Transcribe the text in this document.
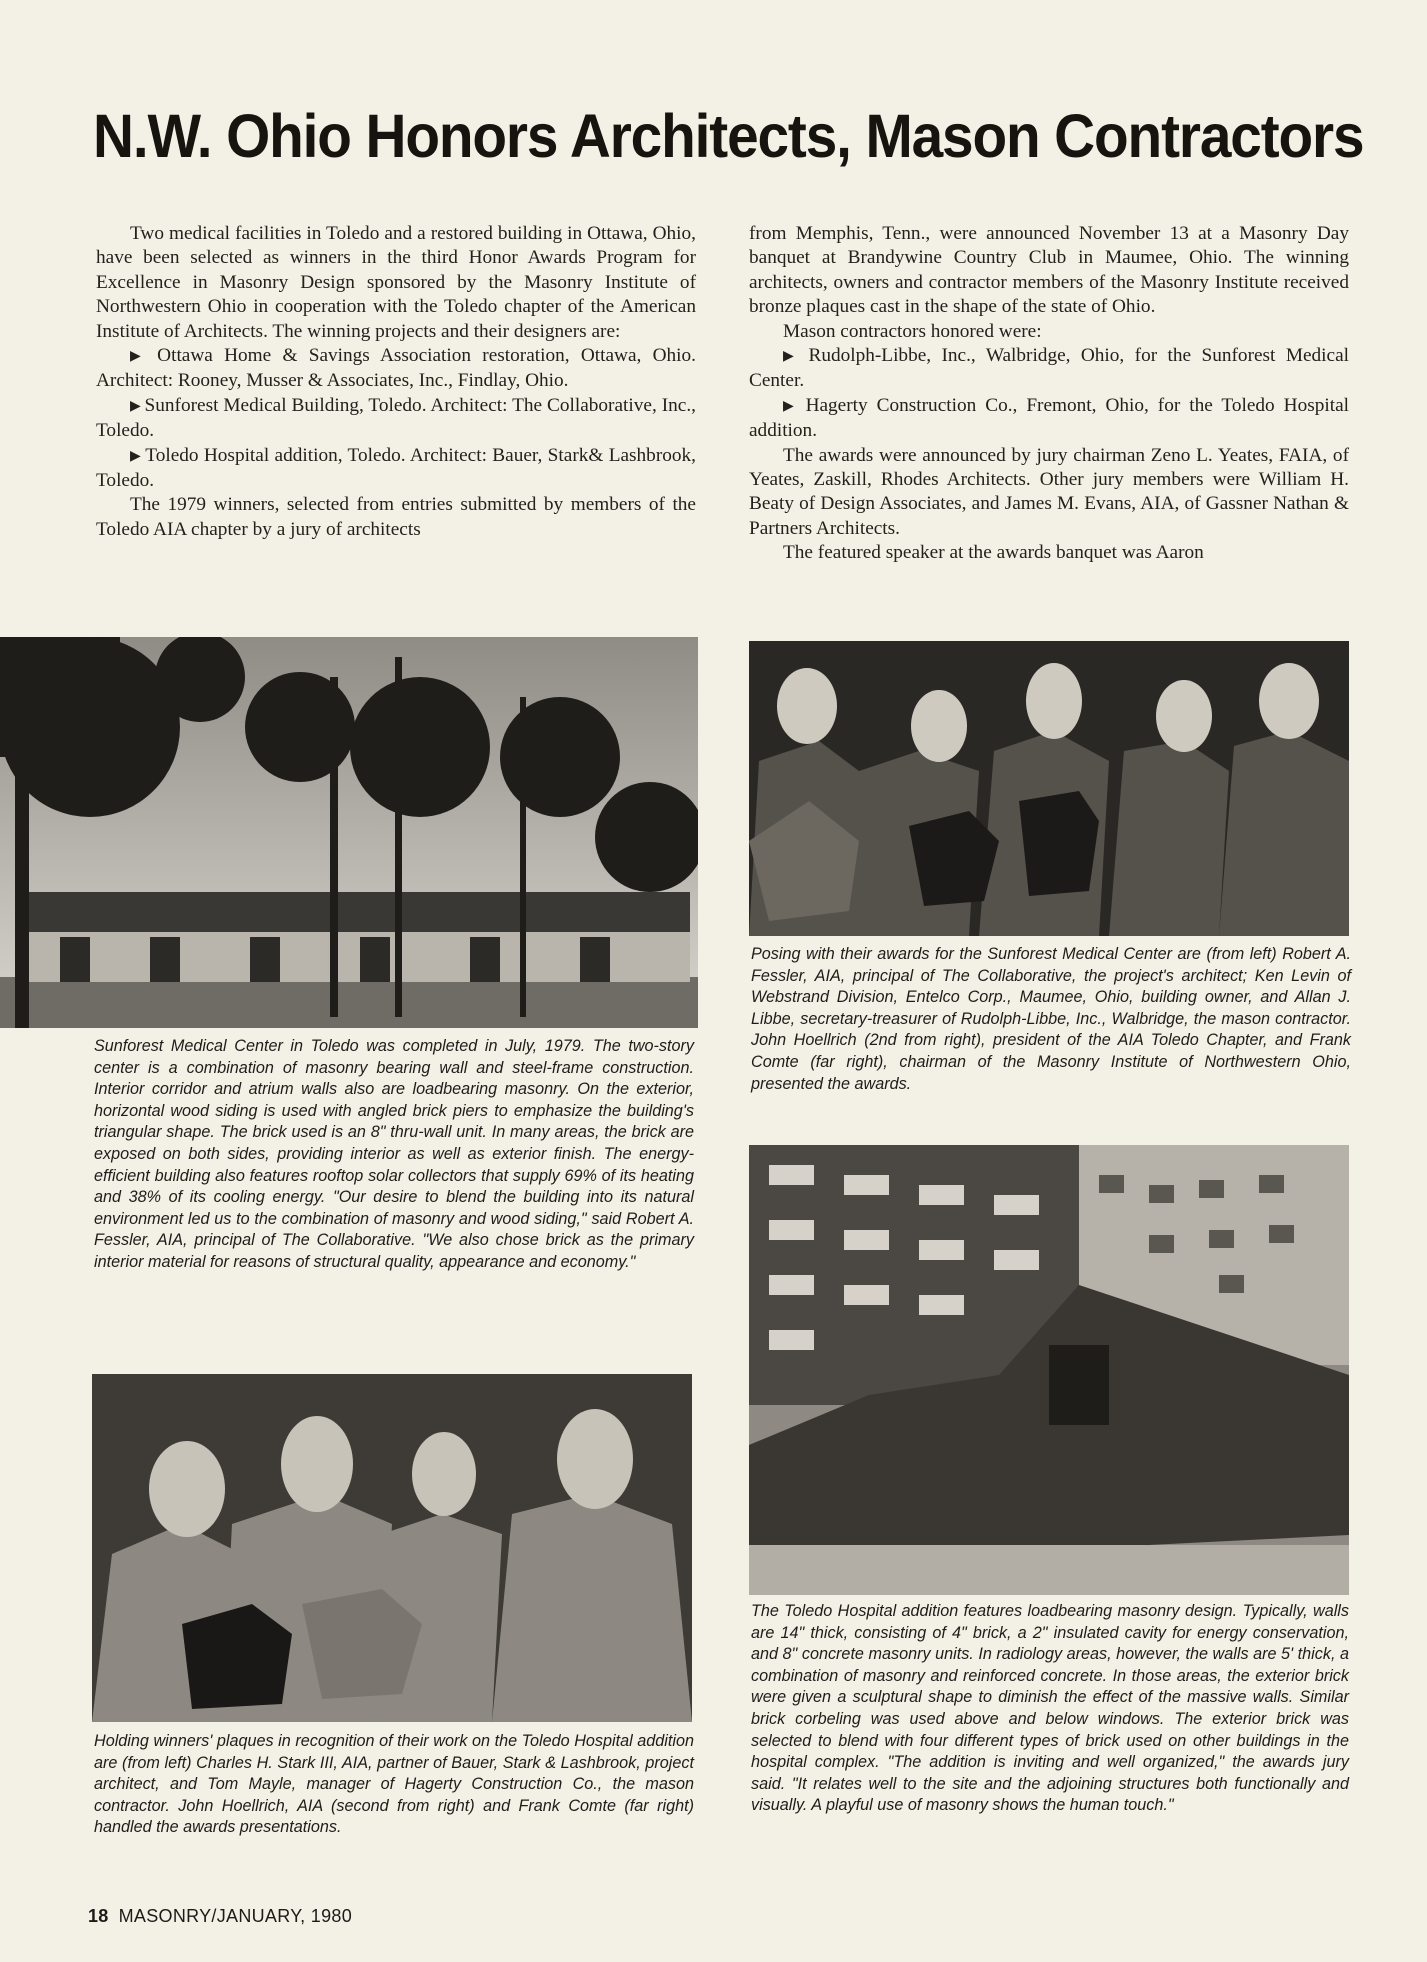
N.W. Ohio Honors Architects, Mason Contractors

Two medical facilities in Toledo and a restored building in Ottawa, Ohio, have been selected as winners in the third Honor Awards Program for Excellence in Masonry Design sponsored by the Masonry Institute of Northwestern Ohio in cooperation with the Toledo chapter of the American Institute of Architects. The winning projects and their designers are:

▶ Ottawa Home & Savings Association restoration, Ottawa, Ohio. Architect: Rooney, Musser & Associates, Inc., Findlay, Ohio.

▶ Sunforest Medical Building, Toledo. Architect: The Collaborative, Inc., Toledo.

▶ Toledo Hospital addition, Toledo. Architect: Bauer, Stark& Lashbrook, Toledo.

The 1979 winners, selected from entries submitted by members of the Toledo AIA chapter by a jury of architects

from Memphis, Tenn., were announced November 13 at a Masonry Day banquet at Brandywine Country Club in Maumee, Ohio. The winning architects, owners and contractor members of the Masonry Institute received bronze plaques cast in the shape of the state of Ohio.

Mason contractors honored were:

▶ Rudolph-Libbe, Inc., Walbridge, Ohio, for the Sunforest Medical Center.

▶ Hagerty Construction Co., Fremont, Ohio, for the Toledo Hospital addition.

The awards were announced by jury chairman Zeno L. Yeates, FAIA, of Yeates, Zaskill, Rhodes Architects. Other jury members were William H. Beaty of Design Associates, and James M. Evans, AIA, of Gassner Nathan & Partners Architects.

The featured speaker at the awards banquet was Aaron

Sunforest Medical Center in Toledo was completed in July, 1979. The two-story center is a combination of masonry bearing wall and steel-frame construction. Interior corridor and atrium walls also are loadbearing masonry. On the exterior, horizontal wood siding is used with angled brick piers to emphasize the building's triangular shape. The brick used is an 8" thru-wall unit. In many areas, the brick are exposed on both sides, providing interior as well as exterior finish. The energy-efficient building also features rooftop solar collectors that supply 69% of its heating and 38% of its cooling energy. "Our desire to blend the building into its natural environment led us to the combination of masonry and wood siding," said Robert A. Fessler, AIA, principal of The Collaborative. "We also chose brick as the primary interior material for reasons of structural quality, appearance and economy."
Holding winners' plaques in recognition of their work on the Toledo Hospital addition are (from left) Charles H. Stark III, AIA, partner of Bauer, Stark & Lashbrook, project architect, and Tom Mayle, manager of Hagerty Construction Co., the mason contractor. John Hoellrich, AIA (second from right) and Frank Comte (far right) handled the awards presentations.
Posing with their awards for the Sunforest Medical Center are (from left) Robert A. Fessler, AIA, principal of The Collaborative, the project's architect; Ken Levin of Webstrand Division, Entelco Corp., Maumee, Ohio, building owner, and Allan J. Libbe, secretary-treasurer of Rudolph-Libbe, Inc., Walbridge, the mason contractor. John Hoellrich (2nd from right), president of the AIA Toledo Chapter, and Frank Comte (far right), chairman of the Masonry Institute of Northwestern Ohio, presented the awards.
The Toledo Hospital addition features loadbearing masonry design. Typically, walls are 14" thick, consisting of 4" brick, a 2" insulated cavity for energy conservation, and 8" concrete masonry units. In radiology areas, however, the walls are 5' thick, a combination of masonry and reinforced concrete. In those areas, the exterior brick were given a sculptural shape to diminish the effect of the massive walls. Similar brick corbeling was used above and below windows. The exterior brick was selected to blend with four different types of brick used on other buildings in the hospital complex. "The addition is inviting and well organized," the awards jury said. "It relates well to the site and the adjoining structures both functionally and visually. A playful use of masonry shows the human touch."
18 MASONRY/JANUARY, 1980
